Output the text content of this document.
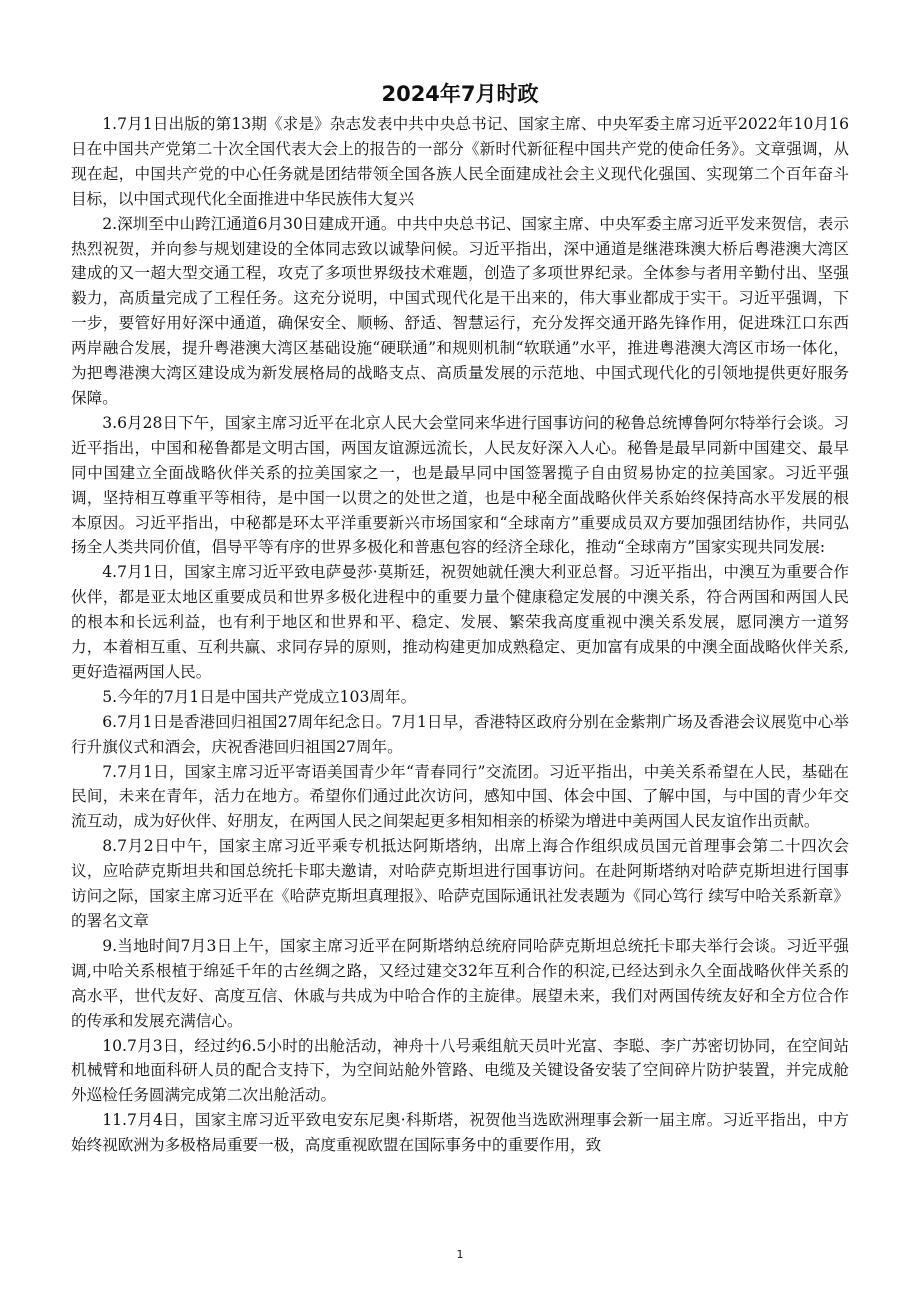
2024年7月时政

1.7月1日出版的第13期《求是》杂志发表中共中央总书记、国家主席、中央军委主席习近平2022年10月16日在中国共产党第二十次全国代表大会上的报告的一部分《新时代新征程中国共产党的使命任务》。文章强调，从现在起，中国共产党的中心任务就是团结带领全国各族人民全面建成社会主义现代化强国、实现第二个百年奋斗目标，以中国式现代化全面推进中华民族伟大复兴

2.深圳至中山跨江通道6月30日建成开通。中共中央总书记、国家主席、中央军委主席习近平发来贺信，表示热烈祝贺，并向参与规划建设的全体同志致以诚挚问候。习近平指出，深中通道是继港珠澳大桥后粤港澳大湾区建成的又一超大型交通工程，攻克了多项世界级技术难题，创造了多项世界纪录。全体参与者用辛勤付出、坚强毅力，高质量完成了工程任务。这充分说明，中国式现代化是干出来的，伟大事业都成于实干。习近平强调，下一步，要管好用好深中通道，确保安全、顺畅、舒适、智慧运行，充分发挥交通开路先锋作用，促进珠江口东西两岸融合发展，提升粤港澳大湾区基础设施“硬联通”和规则机制“软联通”水平，推进粤港澳大湾区市场一体化，为把粤港澳大湾区建设成为新发展格局的战略支点、高质量发展的示范地、中国式现代化的引领地提供更好服务保障。

3.6月28日下午，国家主席习近平在北京人民大会堂同来华进行国事访问的秘鲁总统博鲁阿尔特举行会谈。习近平指出，中国和秘鲁都是文明古国，两国友谊源远流长，人民友好深入人心。秘鲁是最早同新中国建交、最早同中国建立全面战略伙伴关系的拉美国家之一，也是最早同中国签署揽子自由贸易协定的拉美国家。习近平强调，坚持相互尊重平等相待，是中国一以贯之的处世之道，也是中秘全面战略伙伴关系始终保持高水平发展的根本原因。习近平指出，中秘都是环太平洋重要新兴市场国家和“全球南方”重要成员双方要加强团结协作，共同弘扬全人类共同价值，倡导平等有序的世界多极化和普惠包容的经济全球化，推动“全球南方”国家实现共同发展:

4.7月1日，国家主席习近平致电萨曼莎·莫斯廷，祝贺她就任澳大利亚总督。习近平指出，中澳互为重要合作伙伴，都是亚太地区重要成员和世界多极化进程中的重要力量个健康稳定发展的中澳关系，符合两国和两国人民的根本和长远利益，也有利于地区和世界和平、稳定、发展、繁荣我高度重视中澳关系发展，愿同澳方一道努力，本着相互重、互利共赢、求同存异的原则，推动构建更加成熟稳定、更加富有成果的中澳全面战略伙伴关系,更好造福两国人民。

5.今年的7月1日是中国共产党成立103周年。

6.7月1日是香港回归祖国27周年纪念日。7月1日早，香港特区政府分别在金紫荆广场及香港会议展览中心举行升旗仪式和酒会，庆祝香港回归祖国27周年。

7.7月1日，国家主席习近平寄语美国青少年“青春同行”交流团。习近平指出，中美关系希望在人民，基础在民间，未来在青年，活力在地方。希望你们通过此次访问，感知中国、体会中国、了解中国，与中国的青少年交流互动，成为好伙伴、好朋友，在两国人民之间架起更多相知相亲的桥梁为增进中美两国人民友谊作出贡献。

8.7月2日中午，国家主席习近平乘专机抵达阿斯塔纳，出席上海合作组织成员国元首理事会第二十四次会议，应哈萨克斯坦共和国总统托卡耶夫邀请，对哈萨克斯坦进行国事访问。在赴阿斯塔纳对哈萨克斯坦进行国事访问之际，国家主席习近平在《哈萨克斯坦真理报》、哈萨克国际通讯社发表题为《同心笃行 续写中哈关系新章》的署名文章

9.当地时间7月3日上午，国家主席习近平在阿斯塔纳总统府同哈萨克斯坦总统托卡耶夫举行会谈。习近平强调,中哈关系根植于绵延千年的古丝绸之路，又经过建交32年互利合作的积淀,已经达到永久全面战略伙伴关系的高水平，世代友好、高度互信、休戚与共成为中哈合作的主旋律。展望未来，我们对两国传统友好和全方位合作的传承和发展充满信心。

10.7月3日，经过约6.5小时的出舱活动，神舟十八号乘组航天员叶光富、李聪、李广苏密切协同，在空间站机械臂和地面科研人员的配合支持下，为空间站舱外管路、电缆及关键设备安装了空间碎片防护装置，并完成舱外巡检任务圆满完成第二次出舱活动。

11.7月4日，国家主席习近平致电安东尼奥·科斯塔，祝贺他当选欧洲理事会新一届主席。习近平指出，中方始终视欧洲为多极格局重要一极，高度重视欧盟在国际事务中的重要作用，致

1
